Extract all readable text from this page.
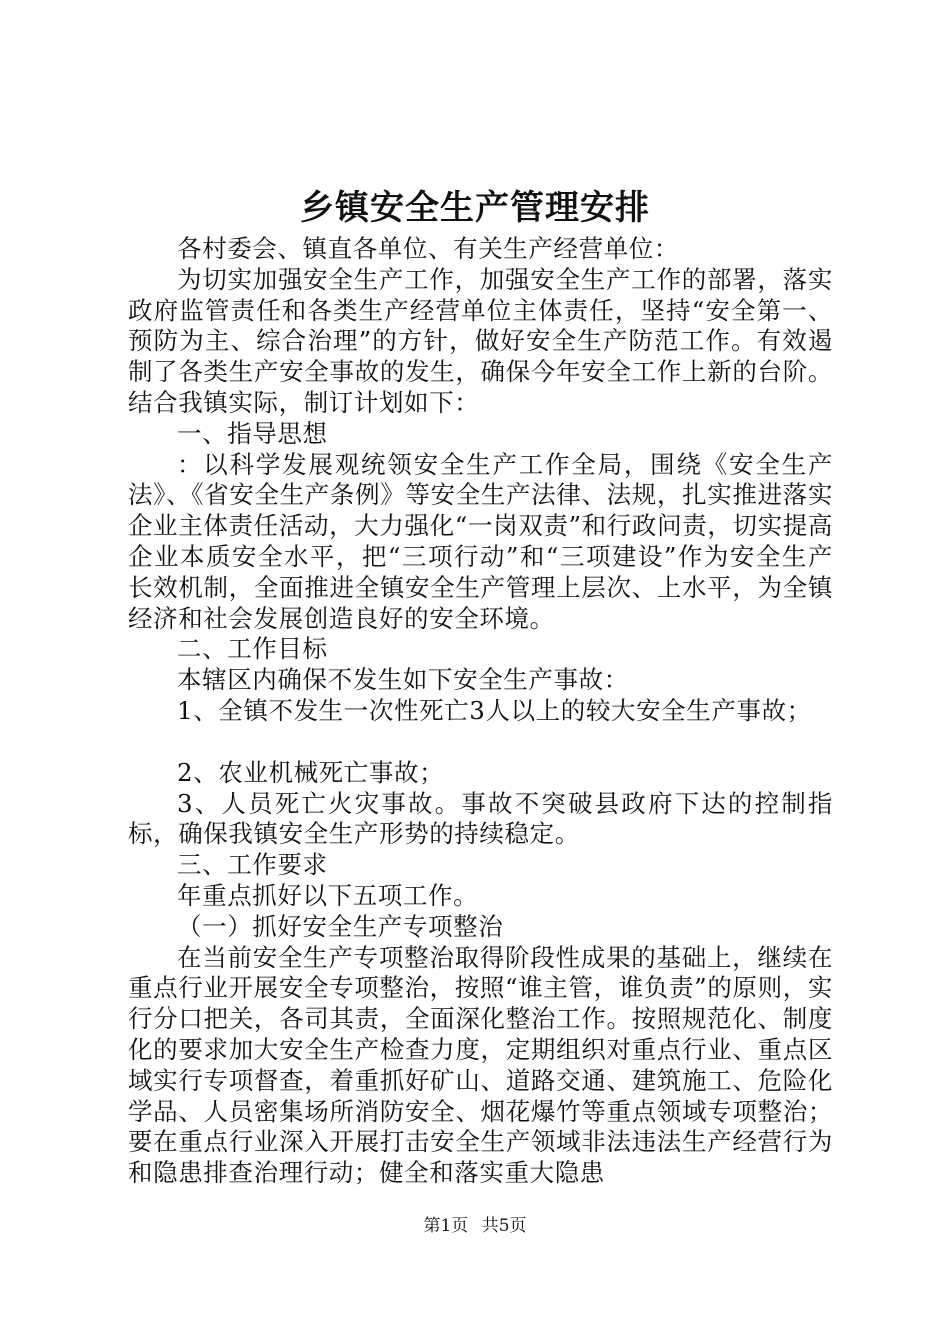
乡镇安全生产管理安排

各村委会、镇直各单位、有关生产经营单位：

为切实加强安全生产工作，加强安全生产工作的部署，落实政府监管责任和各类生产经营单位主体责任，坚持“安全第一、预防为主、综合治理”的方针，做好安全生产防范工作。有效遏制了各类生产安全事故的发生，确保今年安全工作上新的台阶。结合我镇实际，制订计划如下：

一、指导思想

：以科学发展观统领安全生产工作全局，围绕《安全生产法》、《省安全生产条例》等安全生产法律、法规，扎实推进落实企业主体责任活动，大力强化“一岗双责”和行政问责，切实提高企业本质安全水平，把“三项行动”和“三项建设”作为安全生产长效机制，全面推进全镇安全生产管理上层次、上水平，为全镇经济和社会发展创造良好的安全环境。

二、工作目标

本辖区内确保不发生如下安全生产事故：

1、全镇不发生一次性死亡3人以上的较大安全生产事故；

2、农业机械死亡事故；

3、人员死亡火灾事故。事故不突破县政府下达的控制指标，确保我镇安全生产形势的持续稳定。

三、工作要求

年重点抓好以下五项工作。

（一）抓好安全生产专项整治

在当前安全生产专项整治取得阶段性成果的基础上，继续在重点行业开展安全专项整治，按照“谁主管，谁负责”的原则，实行分口把关，各司其责，全面深化整治工作。按照规范化、制度化的要求加大安全生产检查力度，定期组织对重点行业、重点区域实行专项督查，着重抓好矿山、道路交通、建筑施工、危险化学品、人员密集场所消防安全、烟花爆竹等重点领域专项整治；要在重点行业深入开展打击安全生产领域非法违法生产经营行为和隐患排查治理行动；健全和落实重大隐患

第1页 共5页
